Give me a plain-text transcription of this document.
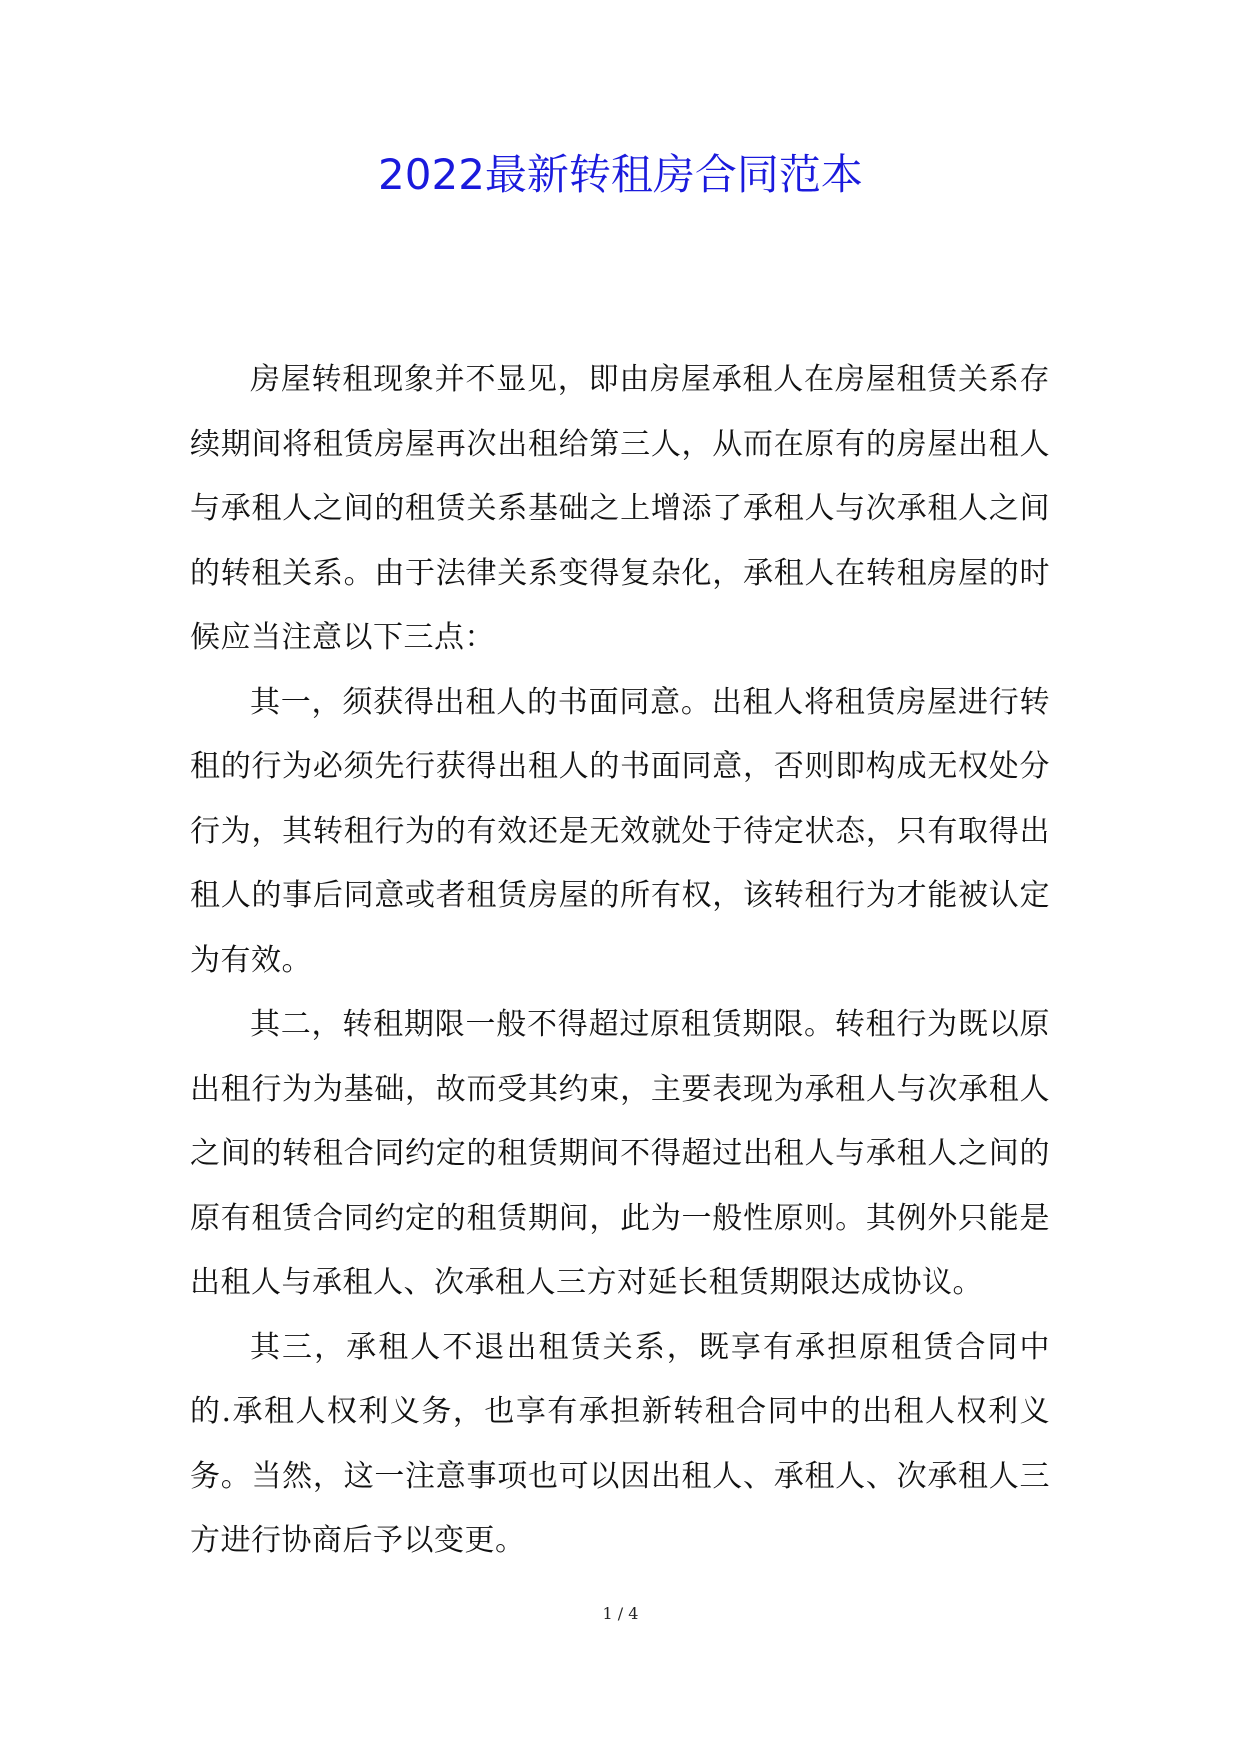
2022最新转租房合同范本

房屋转租现象并不显见，即由房屋承租人在房屋租赁关系存续期间将租赁房屋再次出租给第三人，从而在原有的房屋出租人与承租人之间的租赁关系基础之上增添了承租人与次承租人之间的转租关系。由于法律关系变得复杂化，承租人在转租房屋的时候应当注意以下三点：

其一，须获得出租人的书面同意。出租人将租赁房屋进行转租的行为必须先行获得出租人的书面同意，否则即构成无权处分行为，其转租行为的有效还是无效就处于待定状态，只有取得出租人的事后同意或者租赁房屋的所有权，该转租行为才能被认定为有效。

其二，转租期限一般不得超过原租赁期限。转租行为既以原出租行为为基础，故而受其约束，主要表现为承租人与次承租人之间的转租合同约定的租赁期间不得超过出租人与承租人之间的原有租赁合同约定的租赁期间，此为一般性原则。其例外只能是出租人与承租人、次承租人三方对延长租赁期限达成协议。

其三，承租人不退出租赁关系，既享有承担原租赁合同中的.承租人权利义务，也享有承担新转租合同中的出租人权利义务。当然，这一注意事项也可以因出租人、承租人、次承租人三方进行协商后予以变更。

1 / 4
